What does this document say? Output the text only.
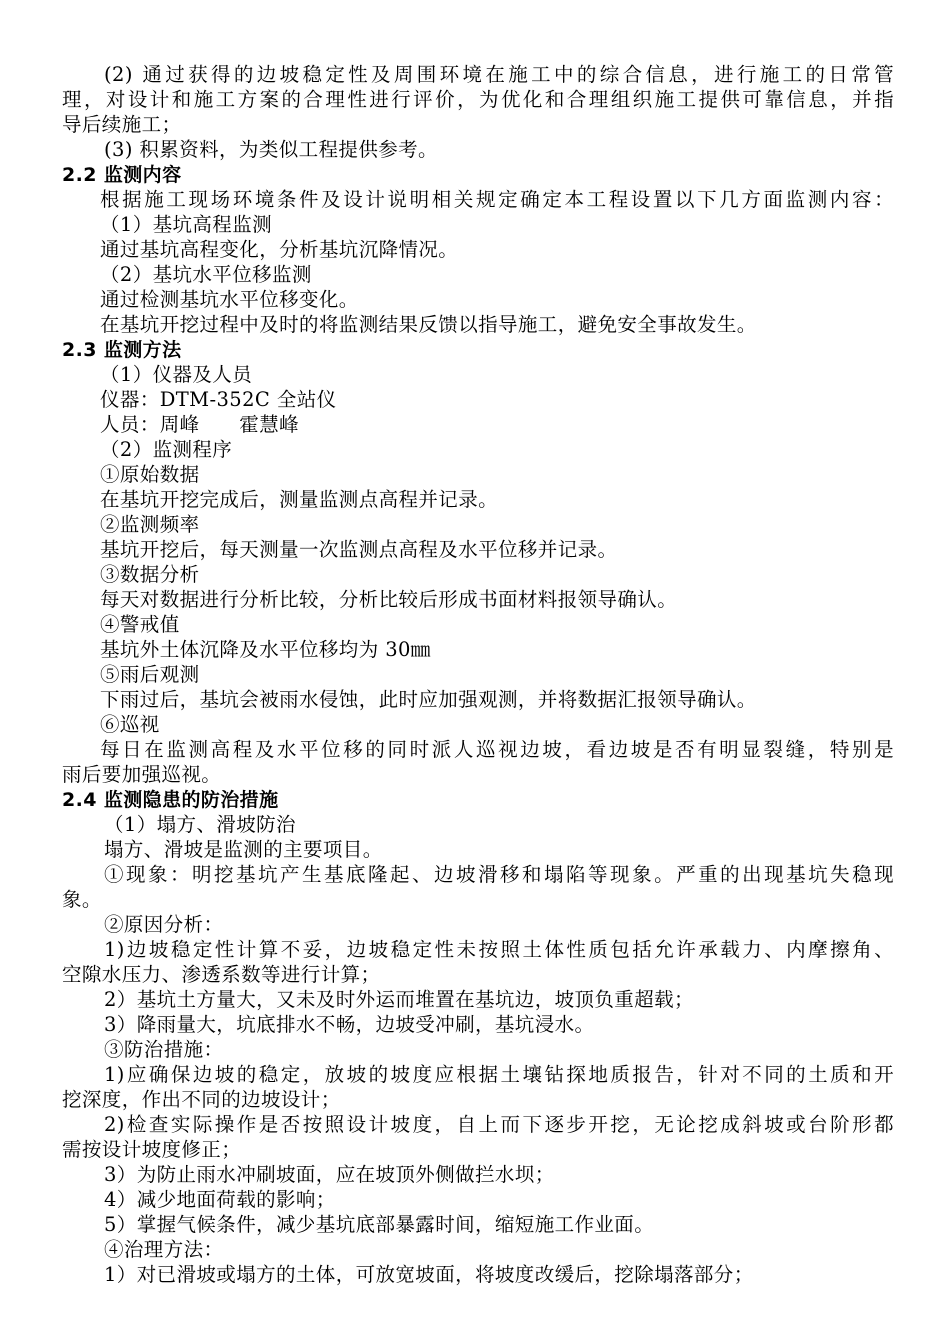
(2) 通过获得的边坡稳定性及周围环境在施工中的综合信息，进行施工的日常管
理，对设计和施工方案的合理性进行评价，为优化和合理组织施工提供可靠信息，并指
导后续施工；
(3) 积累资料，为类似工程提供参考。
2.2 监测内容
根据施工现场环境条件及设计说明相关规定确定本工程设置以下几方面监测内容：
（1）基坑高程监测
通过基坑高程变化，分析基坑沉降情况。
（2）基坑水平位移监测
通过检测基坑水平位移变化。
在基坑开挖过程中及时的将监测结果反馈以指导施工，避免安全事故发生。
2.3 监测方法
（1）仪器及人员
仪器：DTM-352C 全站仪
人员：周峰　　霍慧峰
（2）监测程序
①原始数据
在基坑开挖完成后，测量监测点高程并记录。
②监测频率
基坑开挖后，每天测量一次监测点高程及水平位移并记录。
③数据分析
每天对数据进行分析比较，分析比较后形成书面材料报领导确认。
④警戒值
基坑外土体沉降及水平位移均为 30㎜
⑤雨后观测
下雨过后，基坑会被雨水侵蚀，此时应加强观测，并将数据汇报领导确认。
⑥巡视
每日在监测高程及水平位移的同时派人巡视边坡，看边坡是否有明显裂缝，特别是
雨后要加强巡视。
2.4 监测隐患的防治措施
（1）塌方、滑坡防治
塌方、滑坡是监测的主要项目。
①现象：明挖基坑产生基底隆起、边坡滑移和塌陷等现象。严重的出现基坑失稳现
象。
②原因分析：
1)边坡稳定性计算不妥，边坡稳定性未按照土体性质包括允许承载力、内摩擦角、
空隙水压力、渗透系数等进行计算；
2）基坑土方量大，又未及时外运而堆置在基坑边，坡顶负重超载；
3）降雨量大，坑底排水不畅，边坡受冲刷，基坑浸水。
③防治措施：
1)应确保边坡的稳定，放坡的坡度应根据土壤钻探地质报告，针对不同的土质和开
挖深度，作出不同的边坡设计；
2)检查实际操作是否按照设计坡度，自上而下逐步开挖，无论挖成斜坡或台阶形都
需按设计坡度修正；
3）为防止雨水冲刷坡面，应在坡顶外侧做拦水坝；
4）减少地面荷载的影响；
5）掌握气候条件，减少基坑底部暴露时间，缩短施工作业面。
④治理方法：
1）对已滑坡或塌方的土体，可放宽坡面，将坡度改缓后，挖除塌落部分；
